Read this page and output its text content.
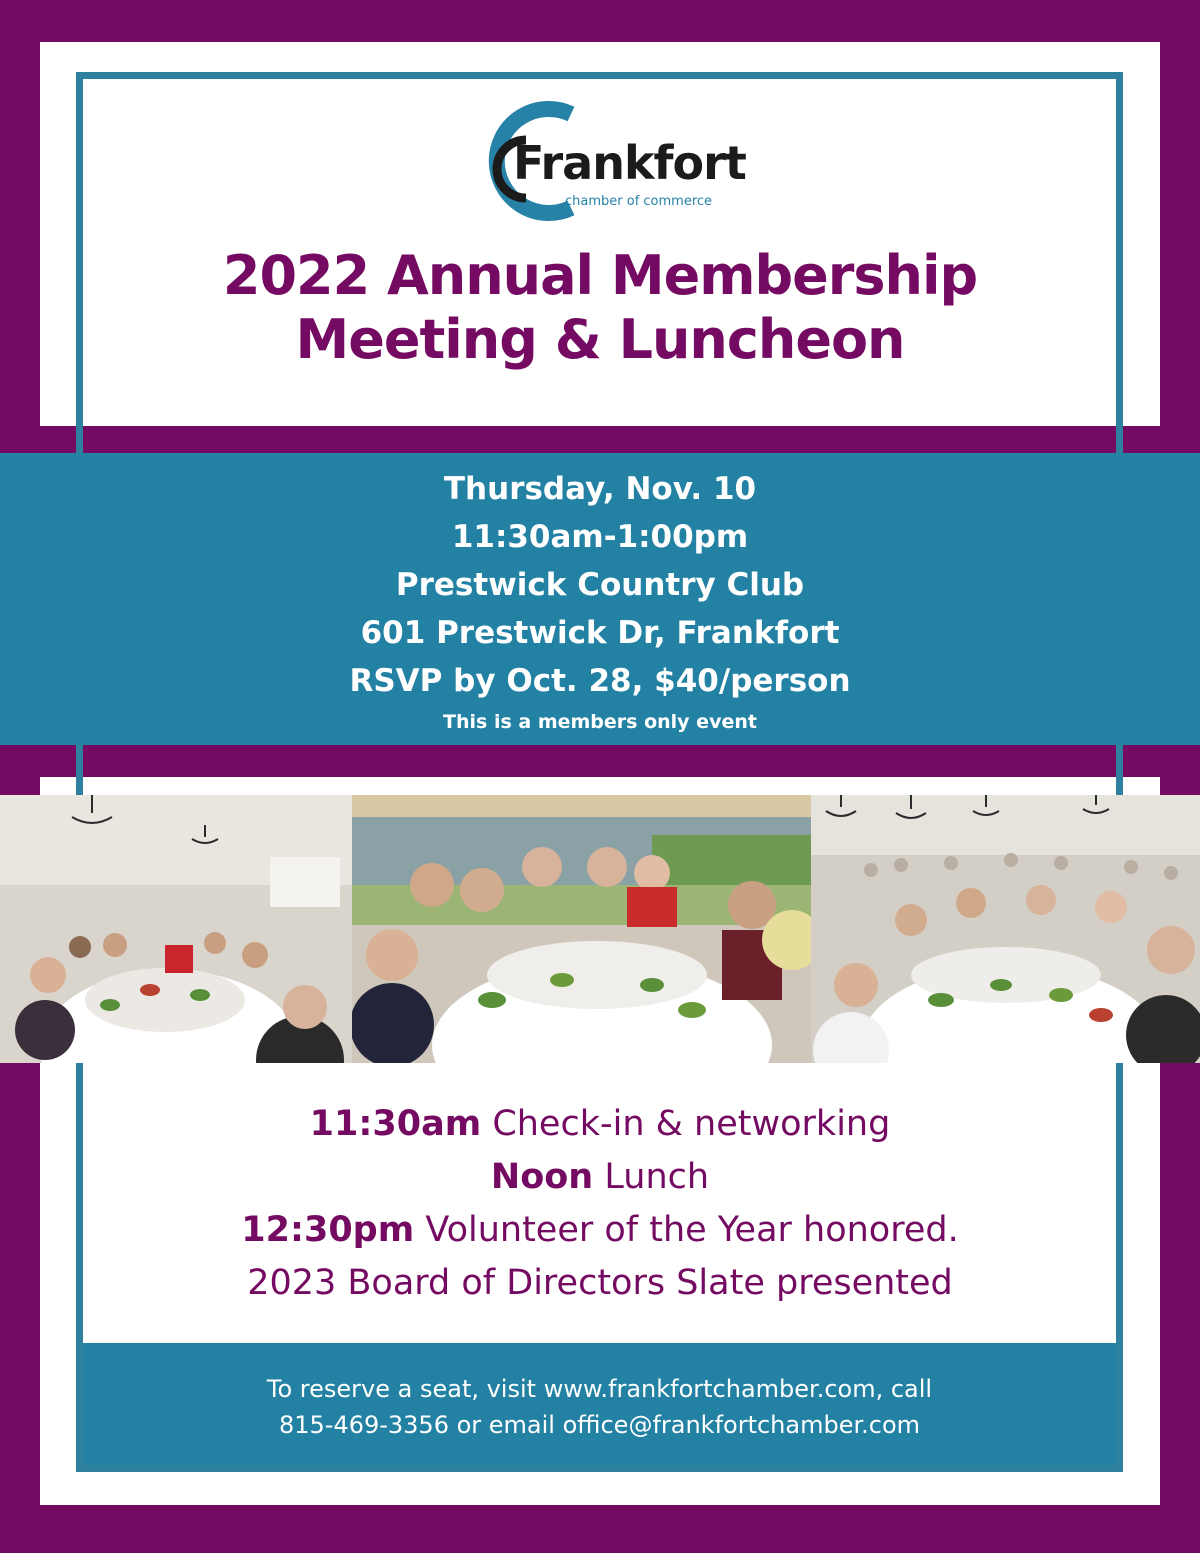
Frankfort
chamber of commerce
2022 Annual Membership
Meeting & Luncheon
Thursday, Nov. 10
11:30am-1:00pm
Prestwick Country Club
601 Prestwick Dr, Frankfort
RSVP by Oct. 28, $40/person
This is a members only event
11:30am Check-in & networking
Noon Lunch
12:30pm Volunteer of the Year honored.
2023 Board of Directors Slate presented
To reserve a seat, visit www.frankfortchamber.com, call
815-469-3356 or email office@frankfortchamber.com
